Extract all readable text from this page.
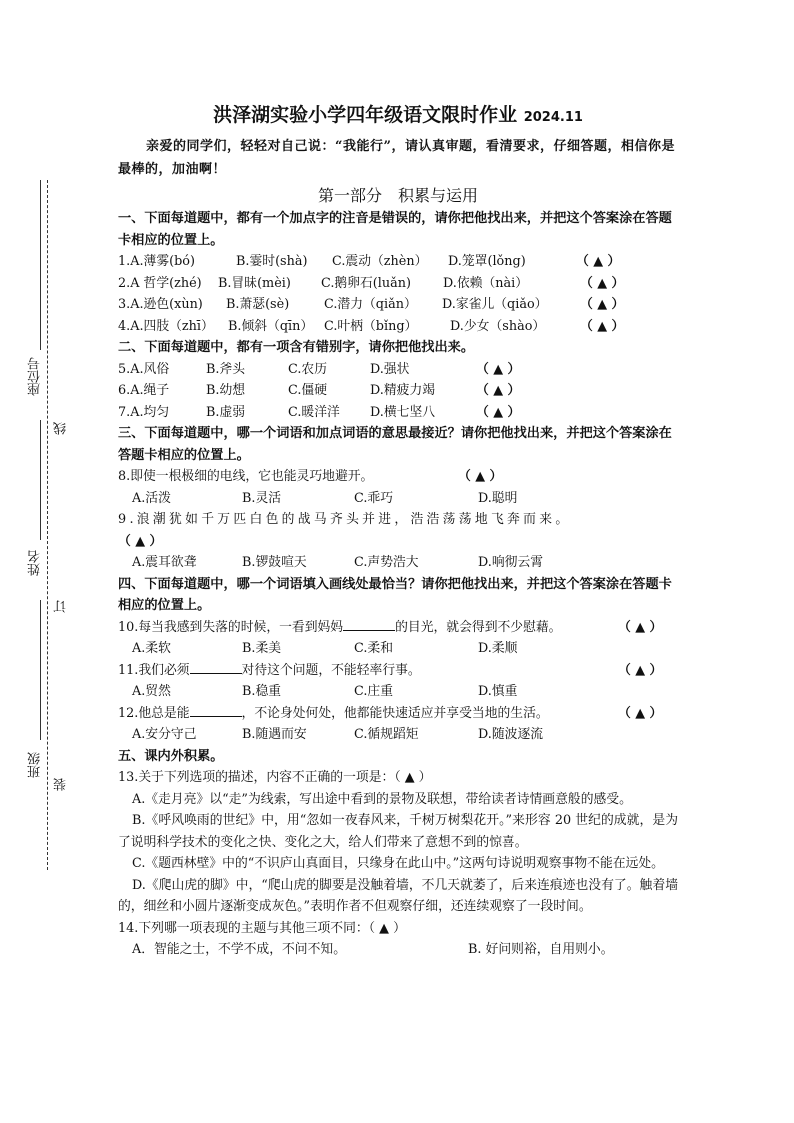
座位号
姓名
班级
线
订
装
洪泽湖实验小学四年级语文限时作业 2024.11
亲爱的同学们，轻轻对自己说：“我能行”，请认真审题，看清要求，仔细答题，相信你是最棒的，加油啊！
第一部分　积累与运用
一、下面每道题中，都有一个加点字的注音是错误的，请你把他找出来，并把这个答案涂在答题卡相应的位置上。
1.A.薄雾(bó)	B.霎时(shà) C.震动（zhèn） D.笼罩(lǒng)	（ ▲ ）
2.A 哲学(zhé) B.冒昧(mèi) C.鹅卵石(luǎn)	D.依赖（nài）	（ ▲ ）
3.A.逊色(xùn) B.萧瑟(sè)	C.潜力（qiǎn） D.家雀儿（qiǎo）	（ ▲ ）
4.A.四肢（zhī） B.倾斜（qīn） C.叶柄（bǐng）	D.少女（shào）	（ ▲ ）
二、下面每道题中，都有一项含有错别字，请你把他找出来。
5.A.风俗	B.斧头	C.农历	D.强状	（ ▲ ）
6.A.绳子	B.幼想	C.僵硬	D.精疲力竭	（ ▲ ）
7.A.均匀	B.虚弱	C.暖洋洋 D.横七坚八	（ ▲ ）
三、下面每道题中，哪一个词语和加点词语的意思最接近？请你把他找出来，并把这个答案涂在答题卡相应的位置上。
8.即使一根极细的电线，它也能灵巧地避开。	（ ▲ ）
A.活泼	B.灵活	C.乖巧	D.聪明
9.浪潮犹如千万匹白色的战马齐头并进，浩浩荡荡地飞奔而来。
（ ▲ ）
A.震耳欲聋	B.锣鼓喧天	C.声势浩大	D.响彻云霄
四、下面每道题中，哪一个词语填入画线处最恰当？请你把他找出来，并把这个答案涂在答题卡相应的位置上。
10.每当我感到失落的时候，一看到妈妈	的目光，就会得到不少慰藉。	（ ▲ ）
A.柔软	B.柔美	C.柔和	D.柔顺
11.我们必须	对待这个问题，不能轻率行事。	（ ▲ ）
A.贸然	B.稳重	C.庄重	D.慎重
12.他总是能	，不论身处何处，他都能快速适应并享受当地的生活。	（ ▲ ）
A.安分守己	B.随遇而安	C.循规蹈矩	D.随波逐流
五、课内外积累。
13.关于下列选项的描述，内容不正确的一项是：（ ▲ ）
A.《走月亮》以“走”为线索，写出途中看到的景物及联想，带给读者诗情画意般的感受。
B.《呼风唤雨的世纪》中，用“忽如一夜春风来，千树万树梨花开。”来形容 20 世纪的成就，是为了说明科学技术的变化之快、变化之大，给人们带来了意想不到的惊喜。
C.《题西林壁》中的“不识庐山真面目，只缘身在此山中。”这两句诗说明观察事物不能在远处。
D.《爬山虎的脚》中，“爬山虎的脚要是没触着墙，不几天就萎了，后来连痕迹也没有了。触着墙的，细丝和小圆片逐渐变成灰色。”表明作者不但观察仔细，还连续观察了一段时间。
14.下列哪一项表现的主题与其他三项不同：（ ▲ ）
A．智能之士，不学不成，不问不知。	B. 好问则裕，自用则小。
